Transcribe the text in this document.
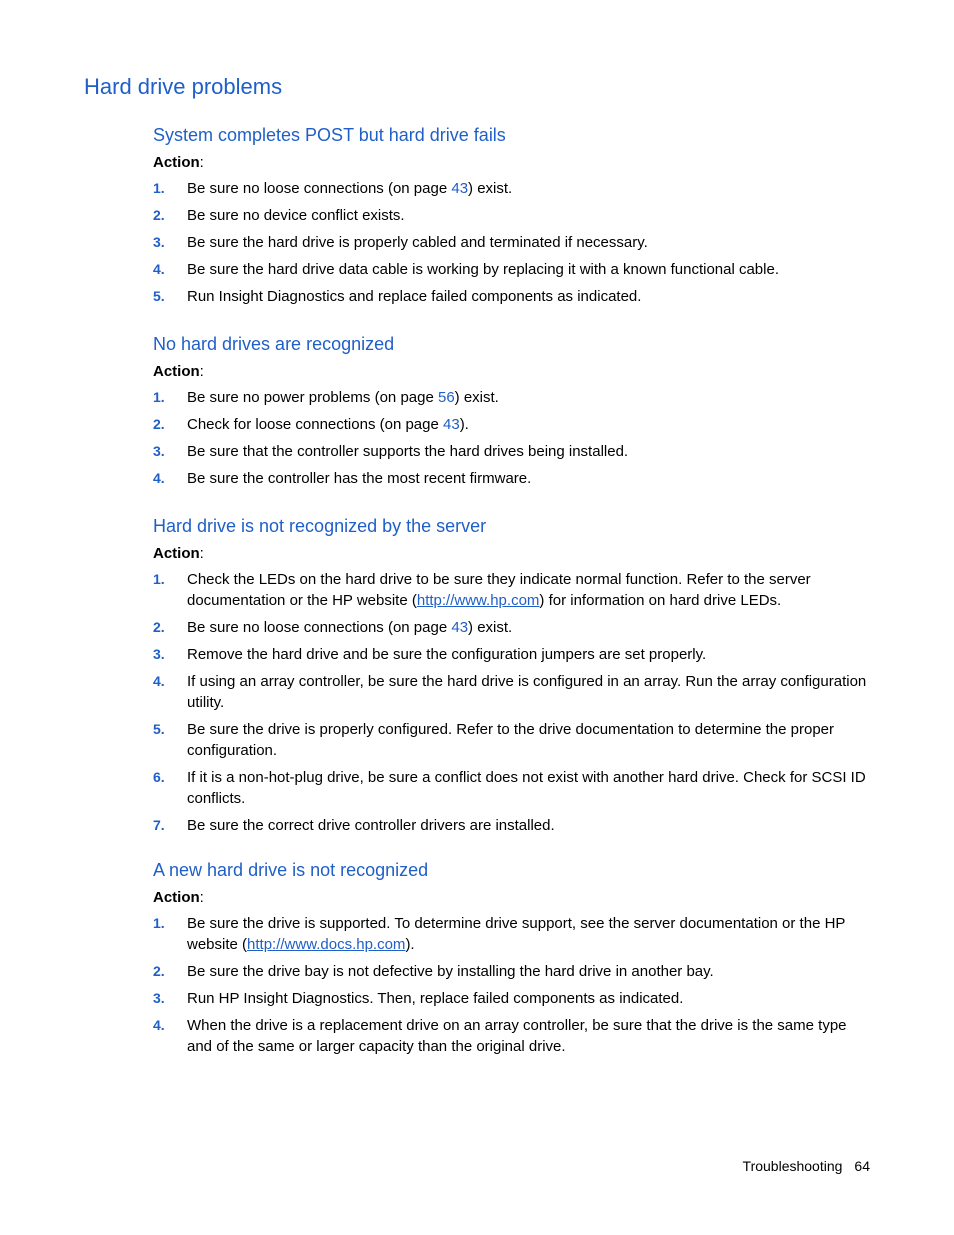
Hard drive problems
System completes POST but hard drive fails
Action:
1. Be sure no loose connections (on page 43) exist.
2. Be sure no device conflict exists.
3. Be sure the hard drive is properly cabled and terminated if necessary.
4. Be sure the hard drive data cable is working by replacing it with a known functional cable.
5. Run Insight Diagnostics and replace failed components as indicated.
No hard drives are recognized
Action:
1. Be sure no power problems (on page 56) exist.
2. Check for loose connections (on page 43).
3. Be sure that the controller supports the hard drives being installed.
4. Be sure the controller has the most recent firmware.
Hard drive is not recognized by the server
Action:
1. Check the LEDs on the hard drive to be sure they indicate normal function. Refer to the server documentation or the HP website (http://www.hp.com) for information on hard drive LEDs.
2. Be sure no loose connections (on page 43) exist.
3. Remove the hard drive and be sure the configuration jumpers are set properly.
4. If using an array controller, be sure the hard drive is configured in an array. Run the array configuration utility.
5. Be sure the drive is properly configured. Refer to the drive documentation to determine the proper configuration.
6. If it is a non-hot-plug drive, be sure a conflict does not exist with another hard drive. Check for SCSI ID conflicts.
7. Be sure the correct drive controller drivers are installed.
A new hard drive is not recognized
Action:
1. Be sure the drive is supported. To determine drive support, see the server documentation or the HP website (http://www.docs.hp.com).
2. Be sure the drive bay is not defective by installing the hard drive in another bay.
3. Run HP Insight Diagnostics. Then, replace failed components as indicated.
4. When the drive is a replacement drive on an array controller, be sure that the drive is the same type and of the same or larger capacity than the original drive.
Troubleshooting 64
